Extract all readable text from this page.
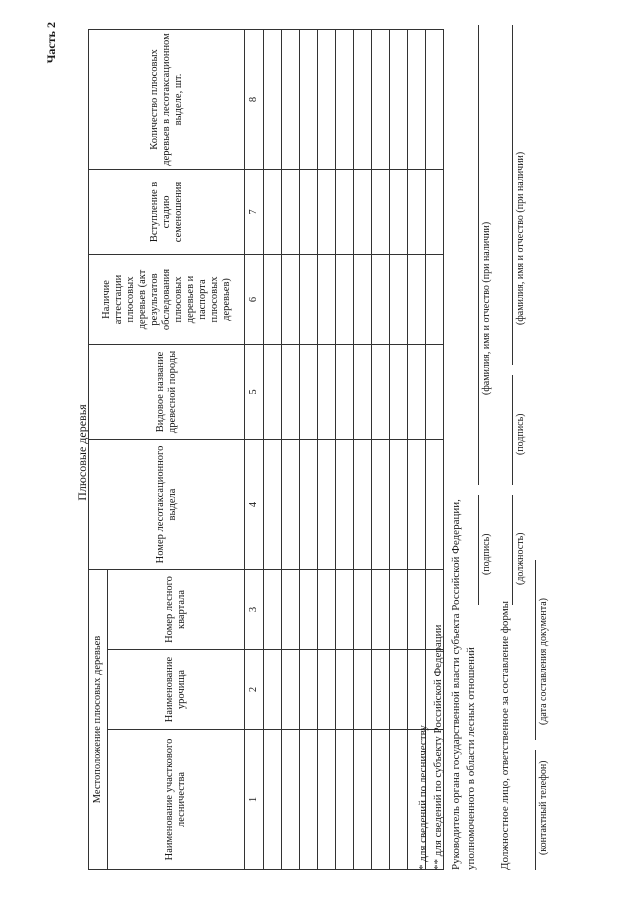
Часть 2
Плюсовые деревья
Местоположение плюсовых деревьев			Номер лесотаксационного выдела	Видовое название древесной породы	Наличие аттестации плюсовых деревьев (акт результатов обследования плюсовых деревьев и паспорта плюсовых деревьев)	Вступление в стадию семеношения	Количество плюсовых деревьев в лесотаксационном выделе, шт.
Наименование участкового лесничества	Наименование урочища	Номер лесного квартала					
1	2	3	4	5	6	7	8

* для сведений по лесничеству ** для сведений по субъекту Российской Федерации Руководитель органа государственной власти субъекта Российской Федерации, уполномоченного в области лесных отношений
(подпись)
(фамилия, имя и отчество (при наличии)
Должностное лицо, ответственное за составление формы
(должность)
(подпись)
(фамилия, имя и отчество (при наличии)
(контактный телефон)
(дата составления документа)
